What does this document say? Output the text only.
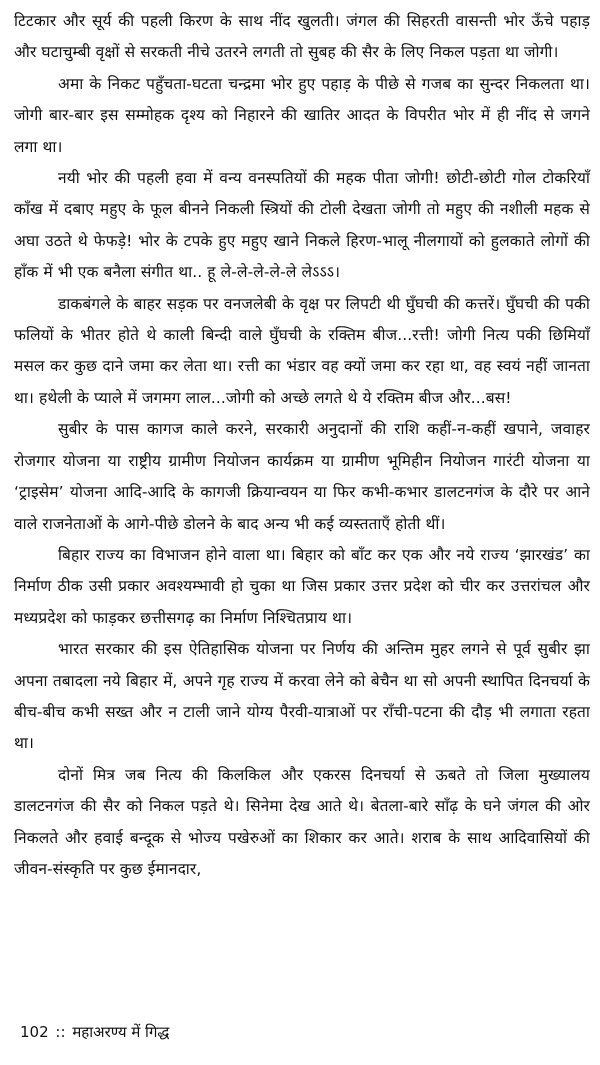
टिटकार और सूर्य की पहली किरण के साथ नींद खुलती। जंगल की सिहरती वासन्ती भोर ऊँचे पहाड़ और घटाचुम्बी वृक्षों से सरकती नीचे उतरने लगती तो सुबह की सैर के लिए निकल पड़ता था जोगी।

अमा के निकट पहुँचता-घटता चन्द्रमा भोर हुए पहाड़ के पीछे से गजब का सुन्दर निकलता था। जोगी बार-बार इस सम्मोहक दृश्य को निहारने की खातिर आदत के विपरीत भोर में ही नींद से जगने लगा था।

नयी भोर की पहली हवा में वन्य वनस्पतियों की महक पीता जोगी! छोटी-छोटी गोल टोकरियाँ काँख में दबाए महुए के फूल बीनने निकली स्त्रियों की टोली देखता जोगी तो महुए की नशीली महक से अघा उठते थे फेफड़े! भोर के टपके हुए महुए खाने निकले हिरण-भालू नीलगायों को हुलकाते लोगों की हाँक में भी एक बनैला संगीत था.. हू ले-ले-ले-ले-ले लेऽऽऽ।

डाकबंगले के बाहर सड़क पर वनजलेबी के वृक्ष पर लिपटी थी घुँघची की कत्तरें। घुँघची की पकी फलियों के भीतर होते थे काली बिन्दी वाले घुँघची के रक्तिम बीज...रत्ती! जोगी नित्य पकी छिमियाँ मसल कर कुछ दाने जमा कर लेता था। रत्ती का भंडार वह क्यों जमा कर रहा था, वह स्वयं नहीं जानता था। हथेली के प्याले में जगमग लाल...जोगी को अच्छे लगते थे ये रक्तिम बीज और...बस!

सुबीर के पास कागज काले करने, सरकारी अनुदानों की राशि कहीं-न-कहीं खपाने, जवाहर रोजगार योजना या राष्ट्रीय ग्रामीण नियोजन कार्यक्रम या ग्रामीण भूमिहीन नियोजन गारंटी योजना या ‘ट्राइसेम’ योजना आदि-आदि के कागजी क्रियान्वयन या फिर कभी-कभार डालटनगंज के दौरे पर आने वाले राजनेताओं के आगे-पीछे डोलने के बाद अन्य भी कई व्यस्तताएँ होती थीं।

बिहार राज्य का विभाजन होने वाला था। बिहार को बाँट कर एक और नये राज्य ‘झारखंड’ का निर्माण ठीक उसी प्रकार अवश्यम्भावी हो चुका था जिस प्रकार उत्तर प्रदेश को चीर कर उत्तरांचल और मध्यप्रदेश को फाड़कर छत्तीसगढ़ का निर्माण निश्चितप्राय था।

भारत सरकार की इस ऐतिहासिक योजना पर निर्णय की अन्तिम मुहर लगने से पूर्व सुबीर झा अपना तबादला नये बिहार में, अपने गृह राज्य में करवा लेने को बेचैन था सो अपनी स्थापित दिनचर्या के बीच-बीच कभी सख्त और न टाली जाने योग्य पैरवी-यात्राओं पर राँची-पटना की दौड़ भी लगाता रहता था।

दोनों मित्र जब नित्य की किलकिल और एकरस दिनचर्या से ऊबते तो जिला मुख्यालय डालटनगंज की सैर को निकल पड़ते थे। सिनेमा देख आते थे। बेतला-बारे साँढ़ के घने जंगल की ओर निकलते और हवाई बन्दूक से भोज्य पखेरुओं का शिकार कर आते। शराब के साथ आदिवासियों की जीवन-संस्कृति पर कुछ ईमानदार,

102 :: महाअरण्य में गिद्ध
